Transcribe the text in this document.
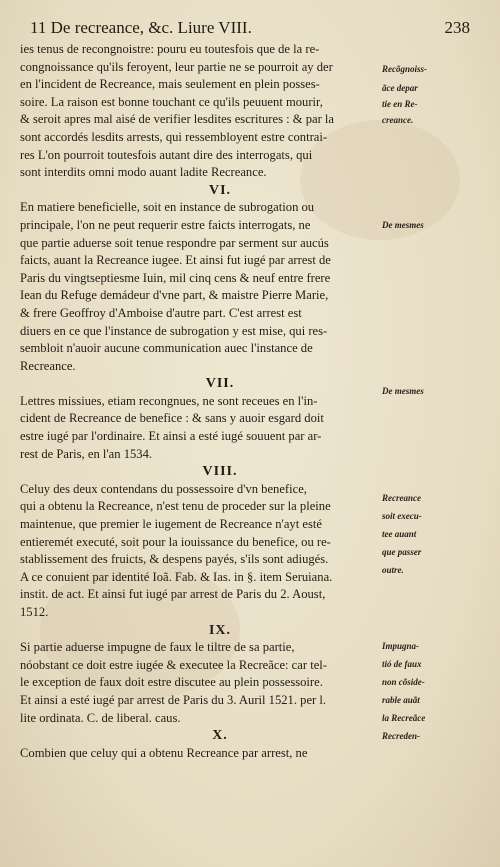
11 De recreance, &c. Liure VIII.	238
ies tenus de recongnoistre: pouru eu toutesfois que de la re-
congnoissance qu'ils feroyent, leur partie ne se pourroit ay der
en l'incident de Recreance, mais seulement en plein posses-
soire. La raison est bonne touchant ce qu'ils peuuent mourir,
& seroit apres mal aisé de verifier lesdites escritures : & par la
sont accordés lesdits arrests, qui ressembloyent estre contrai-
res L'on pourroit toutesfois autant dire des interrogats, qui
sont interdits omni modo auant ladite Recreance.
VI.
En matiere beneficielle, soit en instance de subrogation ou
principale, l'on ne peut requerir estre faicts interrogats, ne
que partie aduerse soit tenue respondre par serment sur aucús
faicts, auant la Recreance iugee. Et ainsi fut iugé par arrest de
Paris du vingtseptiesme Iuin, mil cinq cens & neuf entre frere
Iean du Refuge demádeur d'vne part, & maistre Pierre Marie,
& frere Geoffroy d'Amboise d'autre part. C'est arrest est
diuers en ce que l'instance de subrogation y est mise, qui res-
sembloit n'auoir aucune communication auec l'instance de
Recreance.
VII.
Lettres missiues, etiam recongnues, ne sont receues en l'in-
cident de Recreance de benefice : & sans y auoir esgard doit
estre iugé par l'ordinaire. Et ainsi a esté iugé souuent par ar-
rest de Paris, en l'an 1534.
VIII.
Celuy des deux contendans du possessoire d'vn benefice,
qui a obtenu la Recreance, n'est tenu de proceder sur la pleine
maintenue, que premier le iugement de Recreance n'ayt esté
entieremét executé, soit pour la iouissance du benefice, ou re-
stablissement des fruicts, & despens payés, s'ils sont adiugés.
A ce conuient par identité Ioã. Fab. & Ias. in §. item Seruiana.
instit. de act. Et ainsi fut iugé par arrest de Paris du 2. Aoust,
1512.
IX.
Si partie aduerse impugne de faux le tiltre de sa partie,
nóobstant ce doit estre iugée & executee la Recreãce: car tel-
le exception de faux doit estre discutee au plein possessoire.
Et ainsi a esté iugé par arrest de Paris du 3. Auril 1521. per l.
lite ordinata. C. de liberal. caus.
X.
Combien que celuy qui a obtenu Recreance par arrest, ne
Recõgnoiss-
ãce depar
tie en Re-
creance.
De mesmes
De mesmes
Recreance
soit execu-
tee auant
que passer
outre.
Impugna-
tió de faux
non cõside-
rable auãt
la Recreãce
Recreden-
